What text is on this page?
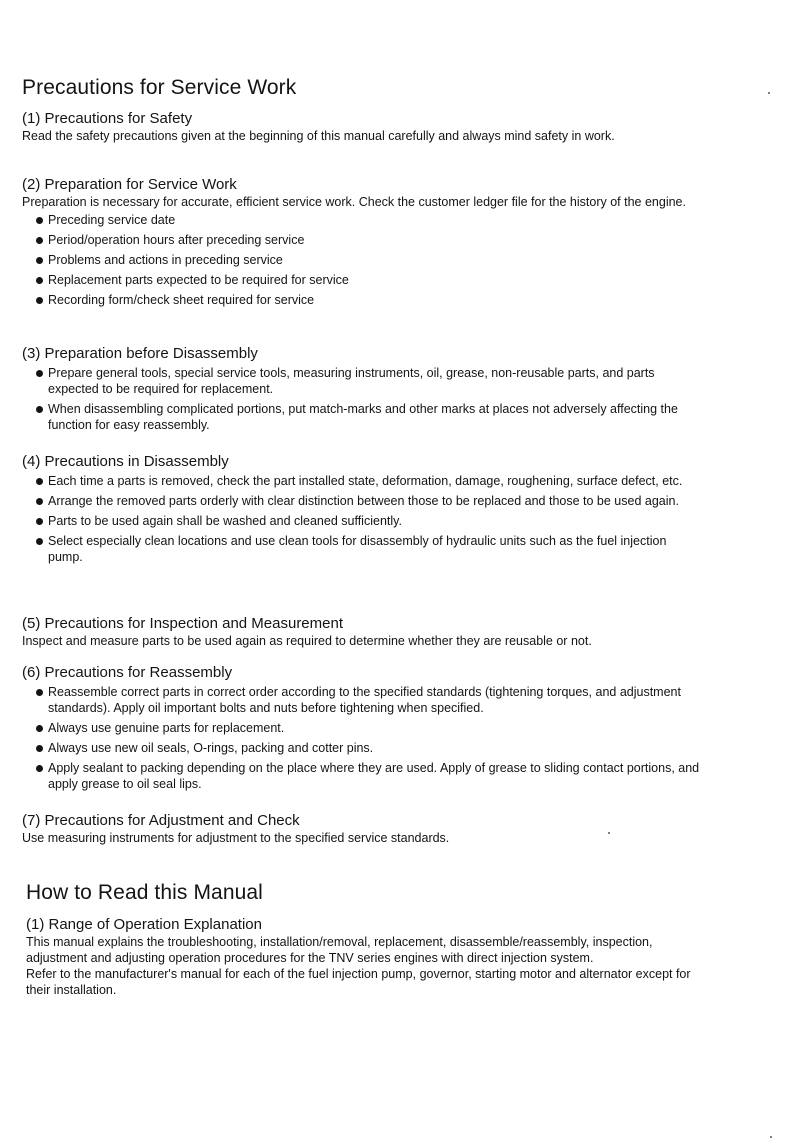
Precautions for Service Work

(1) Precautions for Safety

Read the safety precautions given at the beginning of this manual carefully and always mind safety in work.

(2) Preparation for Service Work

Preparation is necessary for accurate, efficient service work. Check the customer ledger file for the history of the engine.

Preceding service date
Period/operation hours after preceding service
Problems and actions in preceding service
Replacement parts expected to be required for service
Recording form/check sheet required for service

(3) Preparation before Disassembly

Prepare general tools, special service tools, measuring instruments, oil, grease, non-reusable parts, and parts expected to be required for replacement.
When disassembling complicated portions, put match-marks and other marks at places not adversely affecting the function for easy reassembly.

(4) Precautions in Disassembly

Each time a parts is removed, check the part installed state, deformation, damage, roughening, surface defect, etc.
Arrange the removed parts orderly with clear distinction between those to be replaced and those to be used again.
Parts to be used again shall be washed and cleaned sufficiently.
Select especially clean locations and use clean tools for disassembly of hydraulic units such as the fuel injection pump.

(5) Precautions for Inspection and Measurement

Inspect and measure parts to be used again as required to determine whether they are reusable or not.

(6) Precautions for Reassembly

Reassemble correct parts in correct order according to the specified standards (tightening torques, and adjustment standards). Apply oil important bolts and nuts before tightening when specified.
Always use genuine parts for replacement.
Always use new oil seals, O-rings, packing and cotter pins.
Apply sealant to packing depending on the place where they are used. Apply of grease to sliding contact portions, and apply grease to oil seal lips.

(7) Precautions for Adjustment and Check

Use measuring instruments for adjustment to the specified service standards.

How to Read this Manual

(1) Range of Operation Explanation

This manual explains the troubleshooting, installation/removal, replacement, disassemble/reassembly, inspection, adjustment and adjusting operation procedures for the TNV series engines with direct injection system.

Refer to the manufacturer's manual for each of the fuel injection pump, governor, starting motor and alternator except for their installation.
